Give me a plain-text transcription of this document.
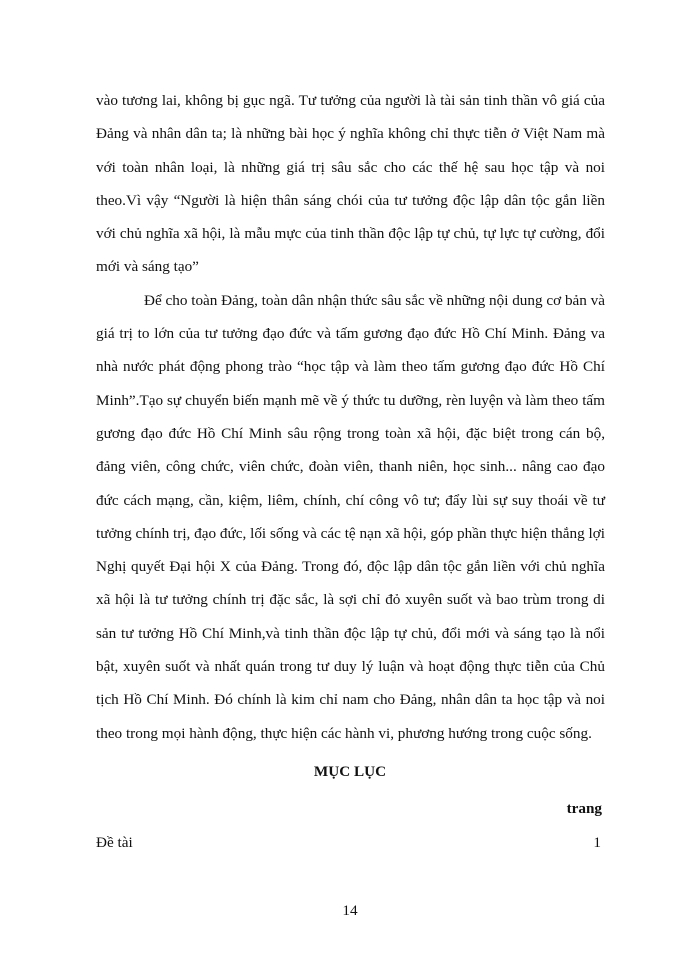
vào tương lai, không bị gục ngã. Tư tưởng của người là tài sản tinh thần vô giá của Đảng và nhân dân ta; là những bài học ý nghĩa không chỉ thực tiễn ở Việt Nam mà với toàn nhân loại, là những giá trị sâu sắc cho các thế hệ sau học tập và noi theo.Vì vậy “Người là hiện thân sáng chói của tư tưởng độc lập dân tộc gắn liền với chủ nghĩa xã hội, là mẫu mực của tinh thần độc lập tự chủ, tự lực tự cường, đổi mới và sáng tạo”

Để cho toàn Đảng, toàn dân nhận thức sâu sắc về những nội dung cơ bản và giá trị to lớn của tư tưởng đạo đức và tấm gương đạo đức Hồ Chí Minh. Đảng va nhà nước phát động phong trào “học tập và làm theo tấm gương đạo đức Hồ Chí Minh”.Tạo sự chuyển biến mạnh mẽ về ý thức tu dưỡng, rèn luyện và làm theo tấm gương đạo đức Hồ Chí Minh sâu rộng trong toàn xã hội, đặc biệt trong cán bộ, đảng viên, công chức, viên chức, đoàn viên, thanh niên, học sinh... nâng cao đạo đức cách mạng, cần, kiệm, liêm, chính, chí công vô tư; đẩy lùi sự suy thoái về tư tưởng chính trị, đạo đức, lối sống và các tệ nạn xã hội, góp phần thực hiện thắng lợi Nghị quyết Đại hội X của Đảng. Trong đó, độc lập dân tộc gắn liền với chủ nghĩa xã hội là tư tưởng chính trị đặc sắc, là sợi chỉ đỏ xuyên suốt và bao trùm trong di sản tư tưởng Hồ Chí Minh,và tinh thần độc lập tự chủ, đổi mới và sáng tạo là nổi bật, xuyên suốt và nhất quán trong tư duy lý luận và hoạt động thực tiễn của Chủ tịch Hồ Chí Minh. Đó chính là kim chỉ nam cho Đảng, nhân dân ta học tập và noi theo trong mọi hành động, thực hiện các hành vi, phương hướng trong cuộc sống.

MỤC LỤC
trang
Đề tài	1
14
